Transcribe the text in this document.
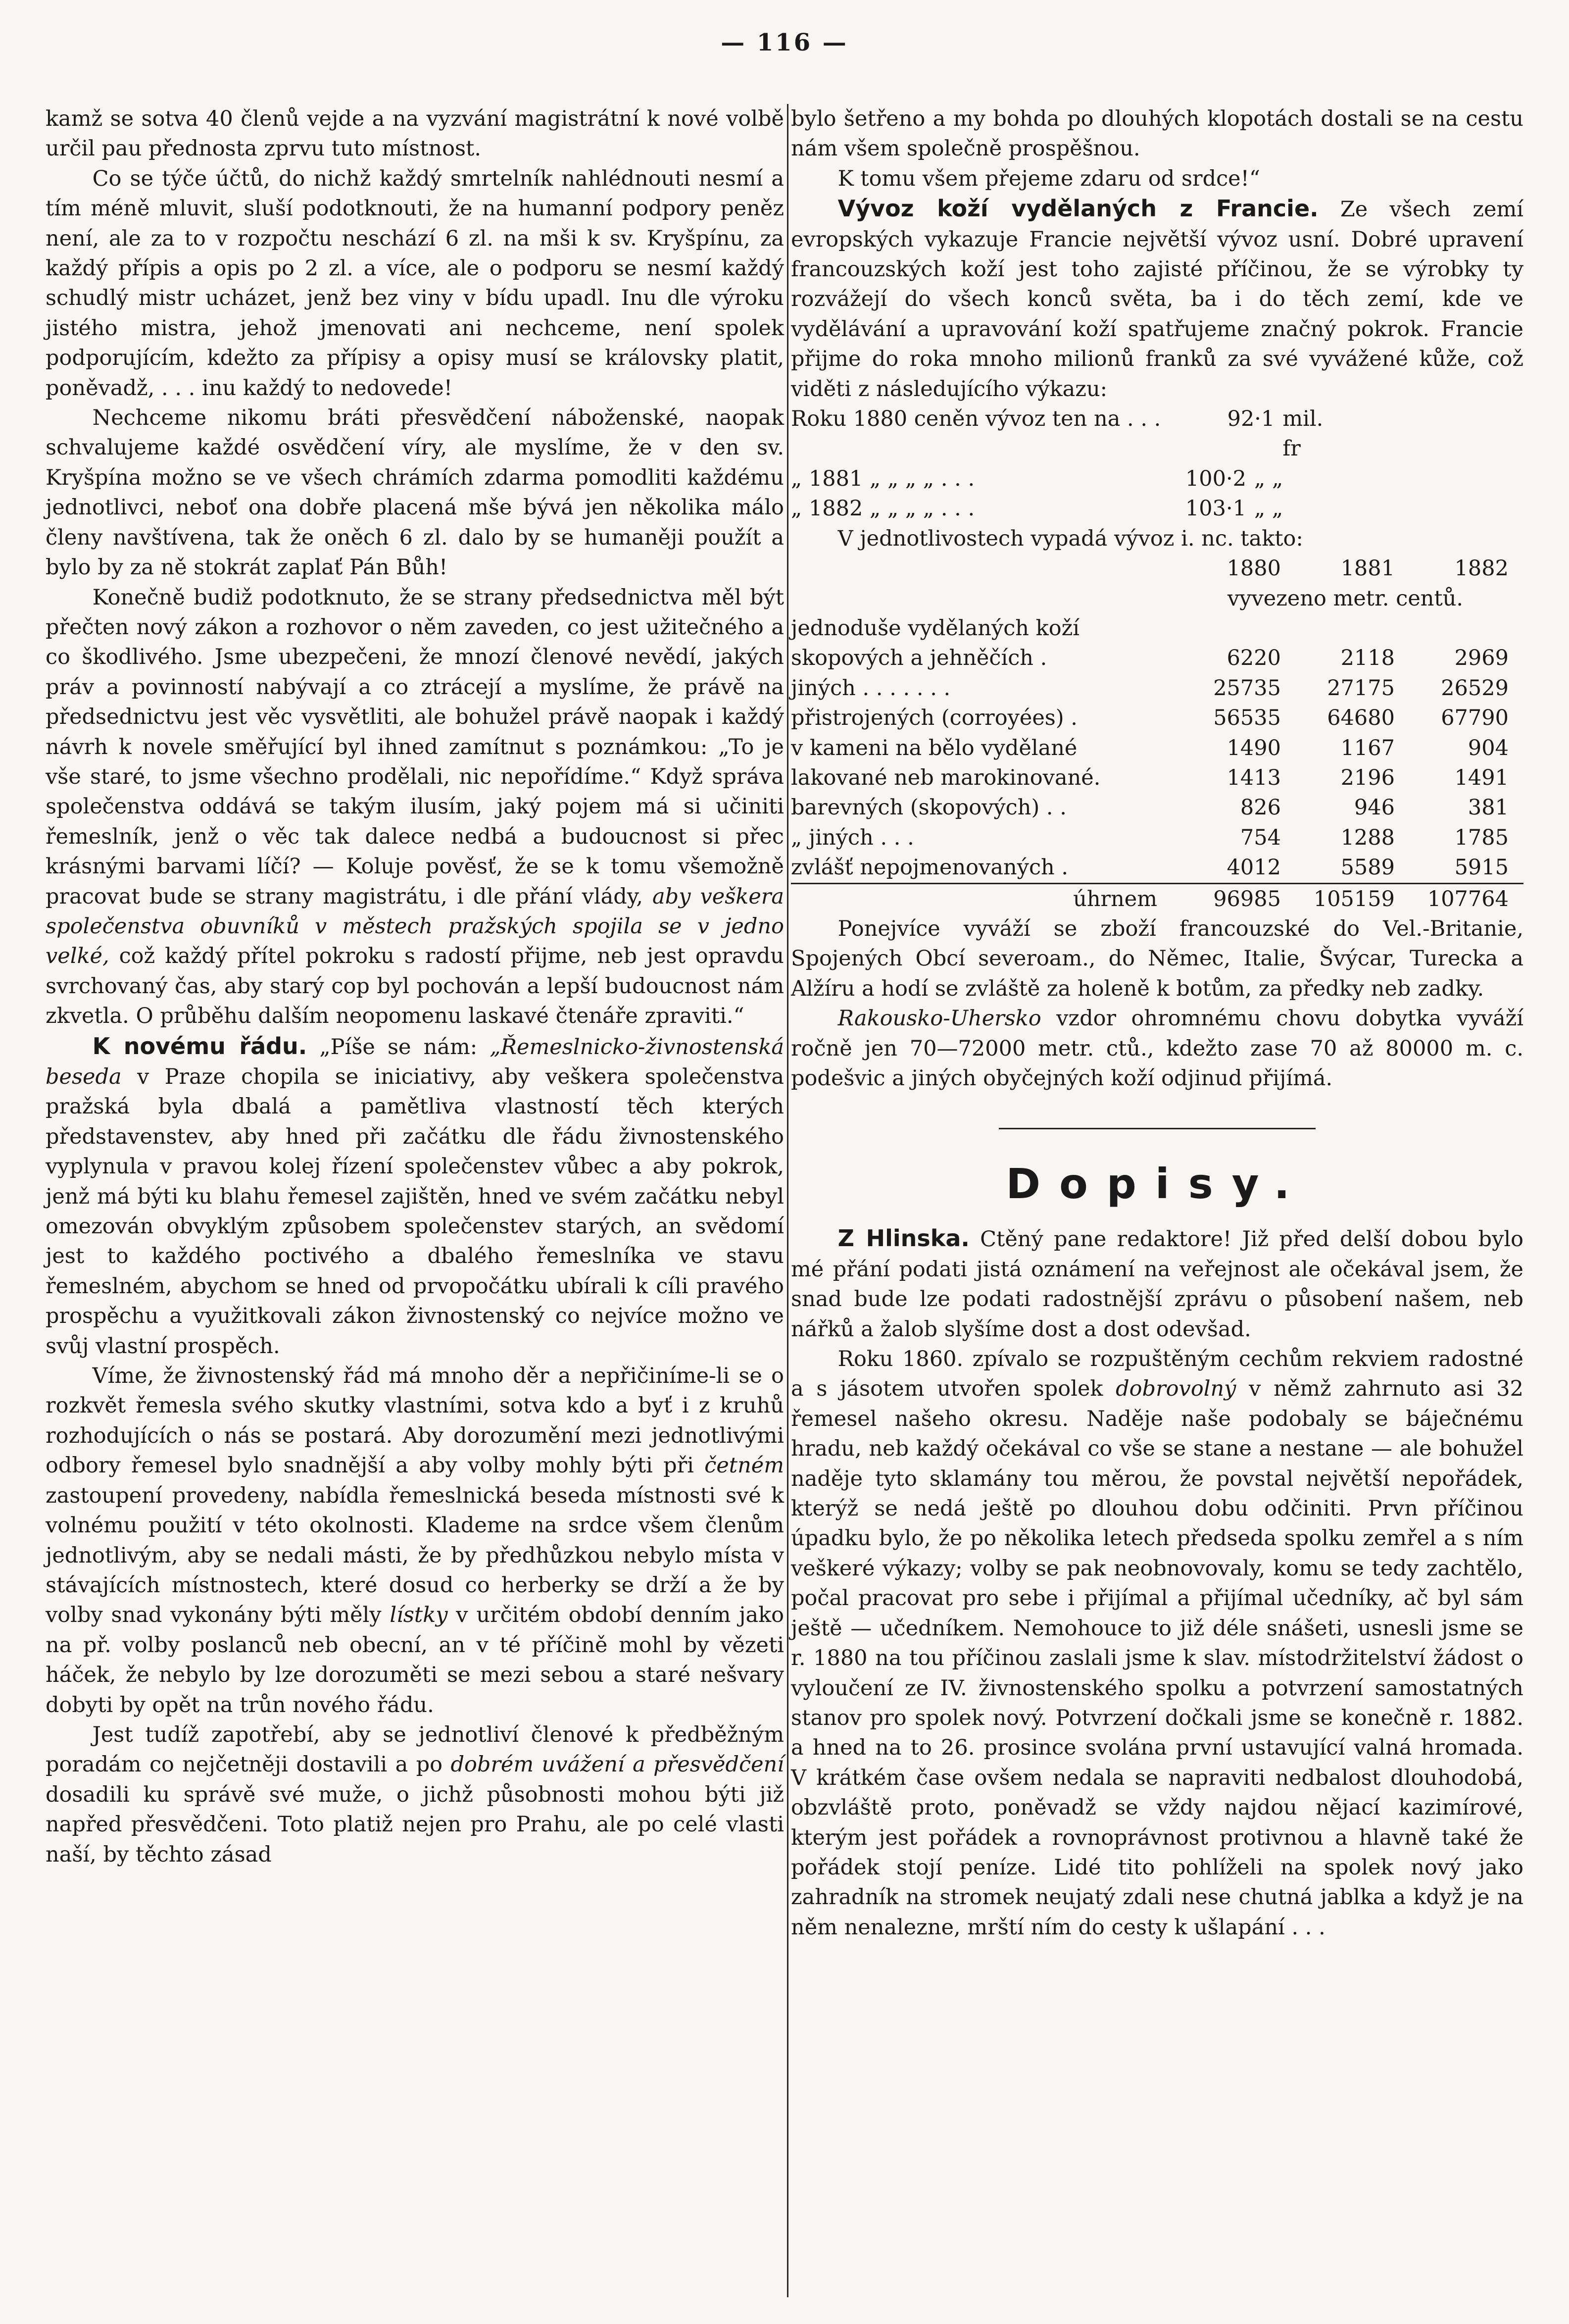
— 116 —

kamž se sotva 40 členů vejde a na vyzvání magistrátní k nové volbě určil pau přednosta zprvu tuto místnost.

Co se týče účtů, do nichž každý smrtelník nahlédnouti nesmí a tím méně mluvit, sluší podotknouti, že na humanní podpory peněz není, ale za to v rozpočtu neschází 6 zl. na mši k sv. Kryšpínu, za každý přípis a opis po 2 zl. a více, ale o podporu se nesmí každý schudlý mistr ucházet, jenž bez viny v bídu upadl. Inu dle výroku jistého mistra, jehož jmenovati ani nechceme, není spolek podporujícím, kdežto za přípisy a opisy musí se královsky platit, poněvadž, . . . inu každý to nedovede!

Nechceme nikomu bráti přesvědčení náboženské, naopak schvalujeme každé osvědčení víry, ale myslíme, že v den sv. Kryšpína možno se ve všech chrámích zdarma pomodliti každému jednotlivci, neboť ona dobře placená mše bývá jen několika málo členy navštívena, tak že oněch 6 zl. dalo by se humaněji použít a bylo by za ně stokrát zaplať Pán Bůh!

Konečně budiž podotknuto, že se strany předsednictva měl být přečten nový zákon a rozhovor o něm zaveden, co jest užitečného a co škodlivého. Jsme ubezpečeni, že mnozí členové nevědí, jakých práv a povinností nabývají a co ztrácejí a myslíme, že právě na předsednictvu jest věc vysvětliti, ale bohužel právě naopak i každý návrh k novele směřující byl ihned zamítnut s poznámkou: „To je vše staré, to jsme všechno prodělali, nic nepořídíme.“ Když správa společenstva oddává se takým ilusím, jaký pojem má si učiniti řemeslník, jenž o věc tak dalece nedbá a budoucnost si přec krásnými barvami líčí? — Koluje pověsť, že se k tomu všemožně pracovat bude se strany magistrátu, i dle přání vlády, aby veškera společenstva obuvníků v městech pražských spojila se v jedno velké, což každý přítel pokroku s radostí přijme, neb jest opravdu svrchovaný čas, aby starý cop byl pochován a lepší budoucnost nám zkvetla. O průběhu dalším neopomenu laskavé čtenáře zpraviti.“

K novému řádu. „Píše se nám: „Řemeslnicko-živnostenská beseda v Praze chopila se iniciativy, aby veškera společenstva pražská byla dbalá a pamětliva vlastností těch kterých představenstev, aby hned při začátku dle řádu živnostenského vyplynula v pravou kolej řízení společenstev vůbec a aby pokrok, jenž má býti ku blahu řemesel zajištěn, hned ve svém začátku nebyl omezován obvyklým způsobem společenstev starých, an svědomí jest to každého poctivého a dbalého řemeslníka ve stavu řemeslném, abychom se hned od prvopočátku ubírali k cíli pravého prospěchu a využitkovali zákon živnostenský co nejvíce možno ve svůj vlastní prospěch.

Víme, že živnostenský řád má mnoho děr a nepřičiníme-li se o rozkvět řemesla svého skutky vlastními, sotva kdo a byť i z kruhů rozhodujících o nás se postará. Aby dorozumění mezi jednotlivými odbory řemesel bylo snadnější a aby volby mohly býti při četném zastoupení provedeny, nabídla řemeslnická beseda místnosti své k volnému použití v této okolnosti. Klademe na srdce všem členům jednotlivým, aby se nedali másti, že by předhůzkou nebylo místa v stávajících místnostech, které dosud co herberky se drží a že by volby snad vykonány býti měly lístky v určitém období denním jako na př. volby poslanců neb obecní, an v té příčině mohl by vězeti háček, že nebylo by lze dorozuměti se mezi sebou a staré nešvary dobyti by opět na trůn nového řádu.

Jest tudíž zapotřebí, aby se jednotliví členové k předběžným poradám co nejčetněji dostavili a po dobrém uvážení a přesvědčení dosadili ku správě své muže, o jichž působnosti mohou býti již napřed přesvědčeni. Toto platiž nejen pro Prahu, ale po celé vlasti naší, by těchto zásad

bylo šetřeno a my bohda po dlouhých klopotách dostali se na cestu nám všem společně prospěšnou.

K tomu všem přejeme zdaru od srdce!“

Vývoz koží vydělaných z Francie. Ze všech zemí evropských vykazuje Francie největší vývoz usní. Dobré upravení francouzských koží jest toho zajisté příčinou, že se výrobky ty rozvážejí do všech konců světa, ba i do těch zemí, kde ve vydělávání a upravování koží spatřujeme značný pokrok. Francie přijme do roka mnoho milionů franků za své vyvážené kůže, což viděti z následujícího výkazu:

Roku 1880 ceněn vývoz ten na . . .	92·1 mil. fr
„ 1881 „ „ „ „ . . .	100·2 „ „
„ 1882 „ „ „ „ . . .	103·1 „ „

V jednotlivostech vypadá vývoz i. nc. takto:

1880	1881	1882
vyvezeno metr. centů.
jednoduše vydělaných koží
skopových a jehněčích .	6220	2118	2969
jiných . . . . . . .	25735	27175	26529
přistrojených (corroyées) .	56535	64680	67790
v kameni na bělo vydělané	1490	1167	904
lakované neb marokinované.	1413	2196	1491
barevných (skopových) . .	826	946	381
„ jiných . . .	754	1288	1785
zvlášť nepojmenovaných .	4012	5589	5915
úhrnem	96985	105159	107764

Ponejvíce vyváží se zboží francouzské do Vel.-Britanie, Spojených Obcí severoam., do Němec, Italie, Švýcar, Turecka a Alžíru a hodí se zvláště za holeně k botům, za předky neb zadky.

Rakousko-Uhersko vzdor ohromnému chovu dobytka vyváží ročně jen 70—72000 metr. ctů., kdežto zase 70 až 80000 m. c. podešvic a jiných obyčejných koží odjinud přijímá.

Dopisy.

Z Hlinska. Ctěný pane redaktore! Již před delší dobou bylo mé přání podati jistá oznámení na veřejnost ale očekával jsem, že snad bude lze podati radostnější zprávu o působení našem, neb nářků a žalob slyšíme dost a dost odevšad.

Roku 1860. zpívalo se rozpuštěným cechům rekviem radostné a s jásotem utvořen spolek dobrovolný v němž zahrnuto asi 32 řemesel našeho okresu. Naděje naše podobaly se báječnému hradu, neb každý očekával co vše se stane a nestane — ale bohužel naděje tyto sklamány tou měrou, že povstal největší nepořádek, kterýž se nedá ještě po dlouhou dobu odčiniti. Prvn příčinou úpadku bylo, že po několika letech předseda spolku zemřel a s ním veškeré výkazy; volby se pak neobnovovaly, komu se tedy zachtělo, počal pracovat pro sebe i přijímal a přijímal učedníky, ač byl sám ještě — učedníkem. Nemohouce to již déle snášeti, usnesli jsme se r. 1880 na tou příčinou zaslali jsme k slav. místodržitelství žádost o vyloučení ze IV. živnostenského spolku a potvrzení samostatných stanov pro spolek nový. Potvrzení dočkali jsme se konečně r. 1882. a hned na to 26. prosince svolána první ustavující valná hromada. V krátkém čase ovšem nedala se napraviti nedbalost dlouhodobá, obzvláště proto, poněvadž se vždy najdou nějací kazimírové, kterým jest pořádek a rovnoprávnost protivnou a hlavně také že pořádek stojí peníze. Lidé tito pohlíželi na spolek nový jako zahradník na stromek neujatý zdali nese chutná jablka a když je na něm nenalezne, mrští ním do cesty k ušlapání . . .
